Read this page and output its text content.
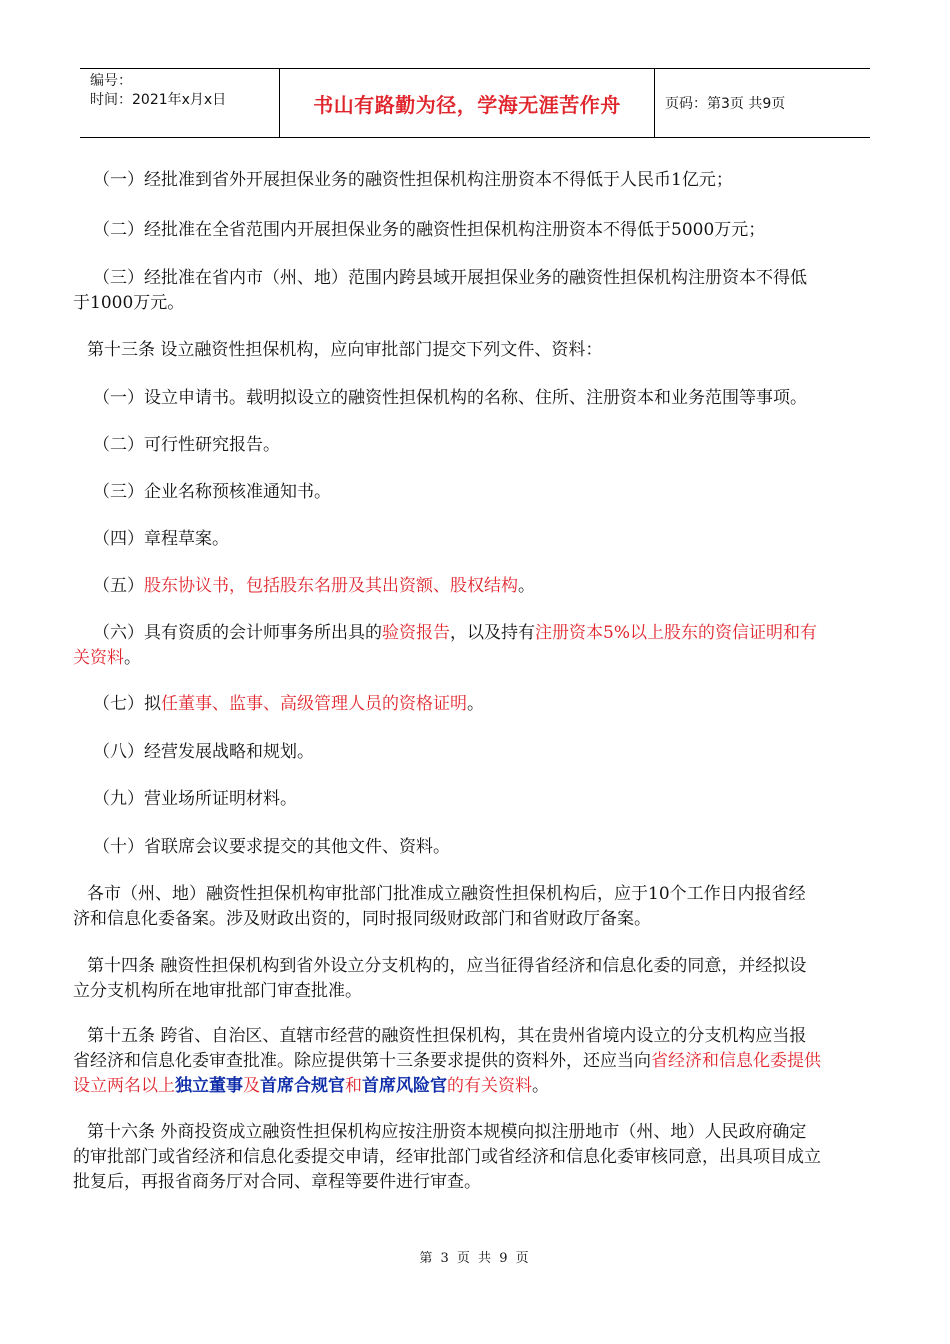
编号：
时间：2021年x月x日	书山有路勤为径，学海无涯苦作舟	页码：第3页 共9页

（一）经批准到省外开展担保业务的融资性担保机构注册资本不得低于人民币1亿元；

（二）经批准在全省范围内开展担保业务的融资性担保机构注册资本不得低于5000万元；

（三）经批准在省内市（州、地）范围内跨县域开展担保业务的融资性担保机构注册资本不得低

于1000万元。

第十三条 设立融资性担保机构，应向审批部门提交下列文件、资料：

（一）设立申请书。载明拟设立的融资性担保机构的名称、住所、注册资本和业务范围等事项。

（二）可行性研究报告。

（三）企业名称预核准通知书。

（四）章程草案。

（五）股东协议书，包括股东名册及其出资额、股权结构。

（六）具有资质的会计师事务所出具的验资报告，以及持有注册资本5%以上股东的资信证明和有

关资料。

（七）拟任董事、监事、高级管理人员的资格证明。

（八）经营发展战略和规划。

（九）营业场所证明材料。

（十）省联席会议要求提交的其他文件、资料。

各市（州、地）融资性担保机构审批部门批准成立融资性担保机构后，应于10个工作日内报省经

济和信息化委备案。涉及财政出资的，同时报同级财政部门和省财政厅备案。

第十四条 融资性担保机构到省外设立分支机构的，应当征得省经济和信息化委的同意，并经拟设

立分支机构所在地审批部门审查批准。

第十五条 跨省、自治区、直辖市经营的融资性担保机构，其在贵州省境内设立的分支机构应当报

省经济和信息化委审查批准。除应提供第十三条要求提供的资料外，还应当向省经济和信息化委提供

设立两名以上独立董事及首席合规官和首席风险官的有关资料。

第十六条 外商投资成立融资性担保机构应按注册资本规模向拟注册地市（州、地）人民政府确定

的审批部门或省经济和信息化委提交申请，经审批部门或省经济和信息化委审核同意，出具项目成立

批复后，再报省商务厅对合同、章程等要件进行审查。

第 3 页 共 9 页
